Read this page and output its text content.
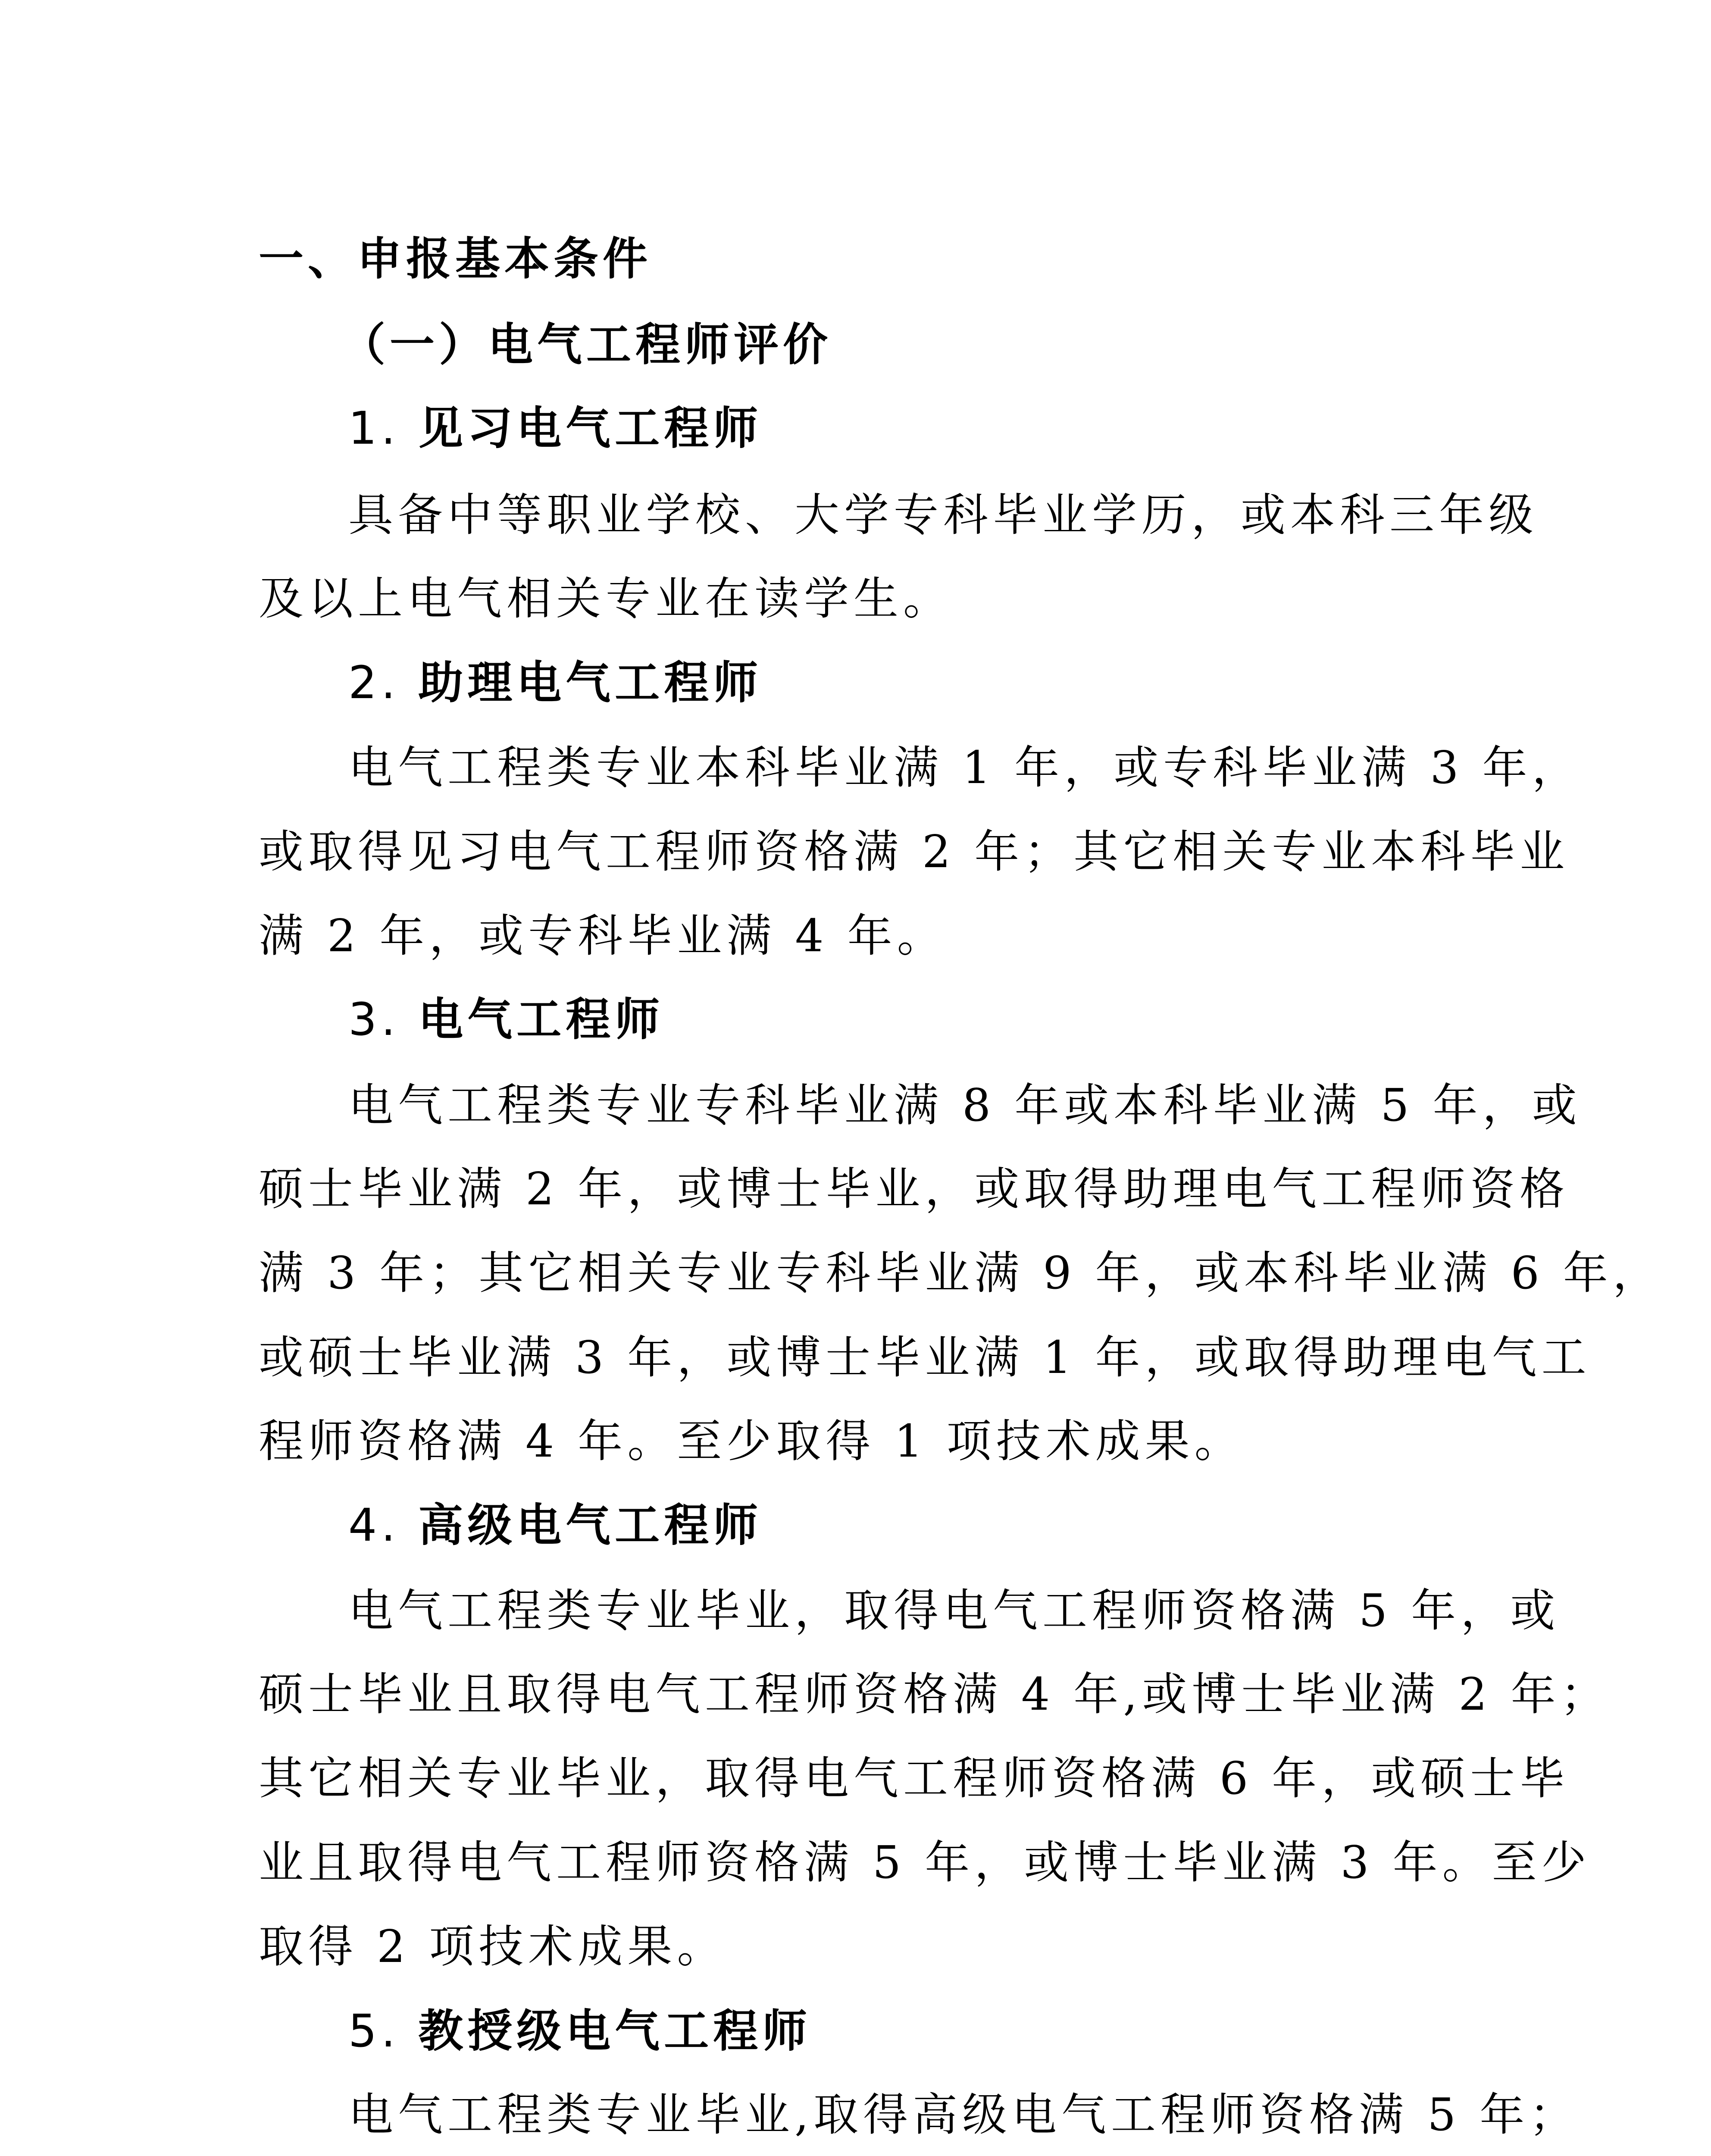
一、申报基本条件
（一）电气工程师评价
1. 见习电气工程师
具备中等职业学校、大学专科毕业学历，或本科三年级
及以上电气相关专业在读学生。
2. 助理电气工程师
电气工程类专业本科毕业满 1 年，或专科毕业满 3 年，
或取得见习电气工程师资格满 2 年；其它相关专业本科毕业
满 2 年，或专科毕业满 4 年。
3. 电气工程师
电气工程类专业专科毕业满 8 年或本科毕业满 5 年，或
硕士毕业满 2 年，或博士毕业，或取得助理电气工程师资格
满 3 年；其它相关专业专科毕业满 9 年，或本科毕业满 6 年，
或硕士毕业满 3 年，或博士毕业满 1 年，或取得助理电气工
程师资格满 4 年。至少取得 1 项技术成果。
4. 高级电气工程师
电气工程类专业毕业，取得电气工程师资格满 5 年，或
硕士毕业且取得电气工程师资格满 4 年,或博士毕业满 2 年；
其它相关专业毕业，取得电气工程师资格满 6 年，或硕士毕
业且取得电气工程师资格满 5 年，或博士毕业满 3 年。至少
取得 2 项技术成果。
5. 教授级电气工程师
电气工程类专业毕业,取得高级电气工程师资格满 5 年；
